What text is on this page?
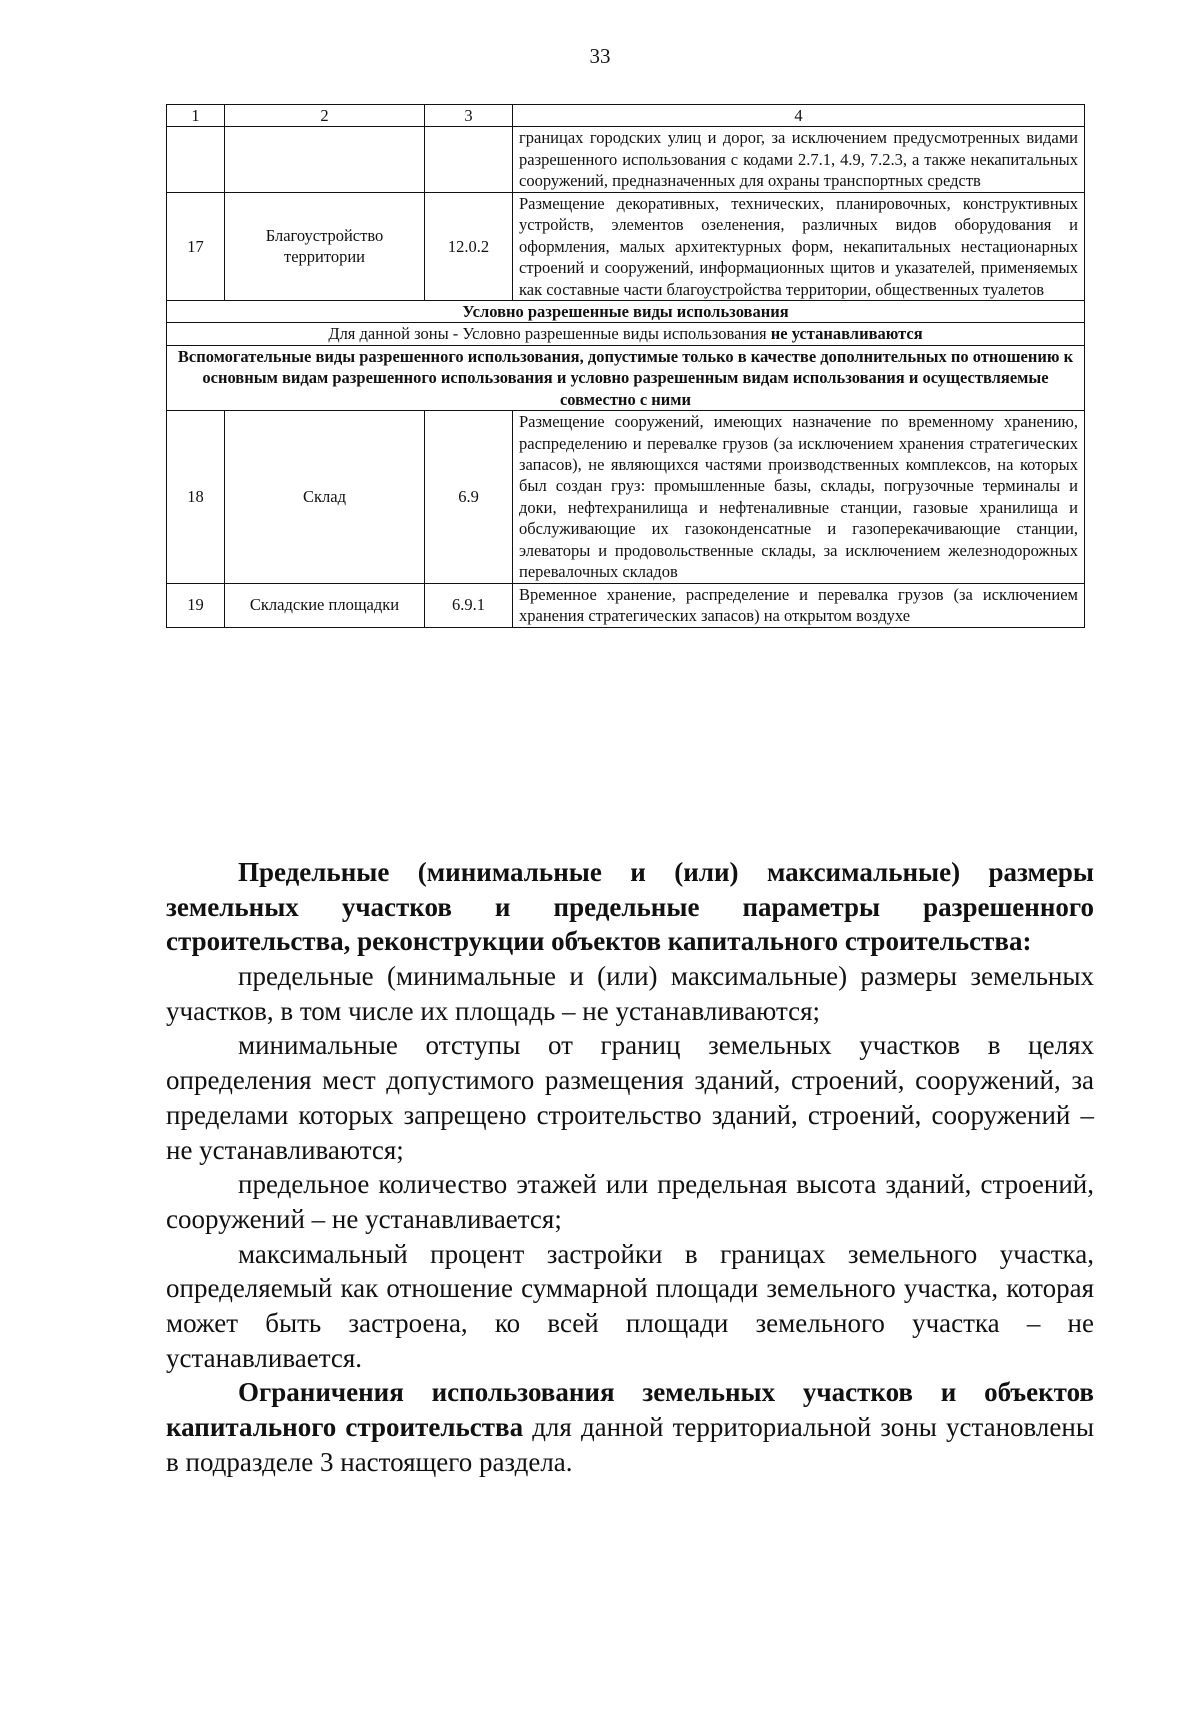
33
1	2	3	4
			границах городских улиц и дорог, за исключением предусмотренных видами разрешенного использования с кодами 2.7.1, 4.9, 7.2.3, а также некапитальных сооружений, предназначенных для охраны транспортных средств
17	Благоустройство территории	12.0.2	Размещение декоративных, технических, планировочных, конструктивных устройств, элементов озеленения, различных видов оборудования и оформления, малых архитектурных форм, некапитальных нестационарных строений и сооружений, информационных щитов и указателей, применяемых как составные части благоустройства территории, общественных туалетов
Условно разрешенные виды использования			
Для данной зоны - Условно разрешенные виды использования не устанавливаются			
Вспомогательные виды разрешенного использования, допустимые только в качестве дополнительных по отношению к основным видам разрешенного использования и условно разрешенным видам использования и осуществляемые совместно с ними			
18	Склад	6.9	Размещение сооружений, имеющих назначение по временному хранению, распределению и перевалке грузов (за исключением хранения стратегических запасов), не являющихся частями производственных комплексов, на которых был создан груз: промышленные базы, склады, погрузочные терминалы и доки, нефтехранилища и нефтеналивные станции, газовые хранилища и обслуживающие их газоконденсатные и газоперекачивающие станции, элеваторы и продовольственные склады, за исключением железнодорожных перевалочных складов
19	Складские площадки	6.9.1	Временное хранение, распределение и перевалка грузов (за исключением хранения стратегических запасов) на открытом воздухе

Предельные (минимальные и (или) максимальные) размеры земельных участков и предельные параметры разрешенного строительства, реконструкции объектов капитального строительства:

предельные (минимальные и (или) максимальные) размеры земельных участков, в том числе их площадь – не устанавливаются;

минимальные отступы от границ земельных участков в целях определения мест допустимого размещения зданий, строений, сооружений, за пределами которых запрещено строительство зданий, строений, сооружений – не устанавливаются;

предельное количество этажей или предельная высота зданий, строений, сооружений – не устанавливается;

максимальный процент застройки в границах земельного участка, определяемый как отношение суммарной площади земельного участка, которая может быть застроена, ко всей площади земельного участка – не устанавливается.

Ограничения использования земельных участков и объектов капитального строительства для данной территориальной зоны установлены в подразделе 3 настоящего раздела.
